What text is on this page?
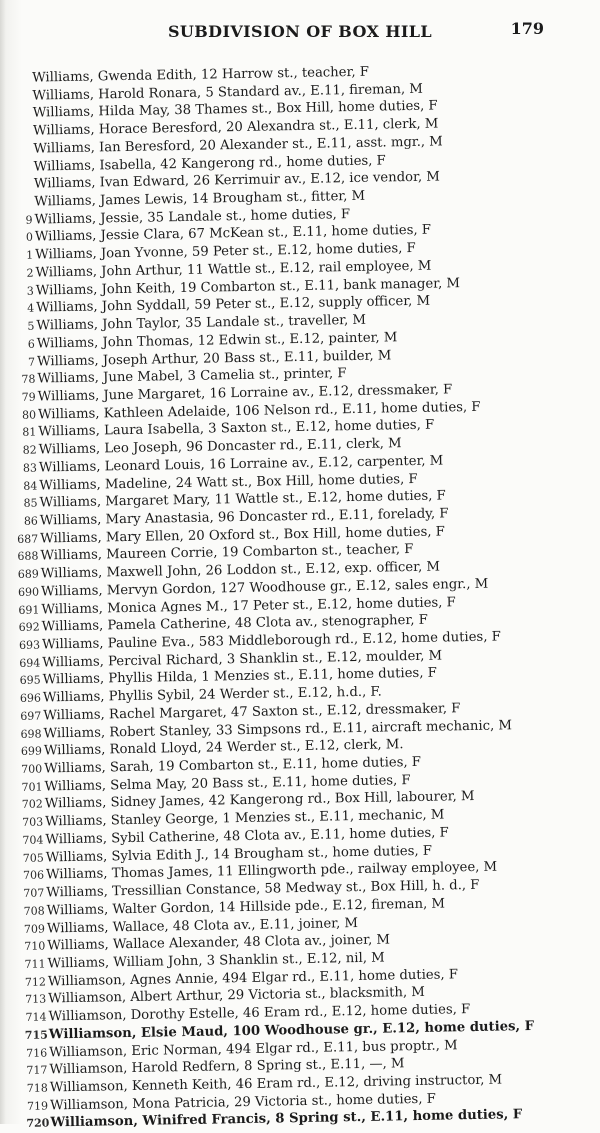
SUBDIVISION OF BOX HILL	179
Williams, Gwenda Edith, 12 Harrow st., teacher, F
Williams, Harold Ronara, 5 Standard av., E.11, fireman, M
Williams, Hilda May, 38 Thames st., Box Hill, home duties, F
Williams, Horace Beresford, 20 Alexandra st., E.11, clerk, M
Williams, Ian Beresford, 20 Alexander st., E.11, asst. mgr., M
Williams, Isabella, 42 Kangerong rd., home duties, F
Williams, Ivan Edward, 26 Kerrimuir av., E.12, ice vendor, M
Williams, James Lewis, 14 Brougham st., fitter, M
9 Williams, Jessie, 35 Landale st., home duties, F
0 Williams, Jessie Clara, 67 McKean st., E.11, home duties, F
1 Williams, Joan Yvonne, 59 Peter st., E.12, home duties, F
2 Williams, John Arthur, 11 Wattle st., E.12, rail employee, M
3 Williams, John Keith, 19 Combarton st., E.11, bank manager, M
4 Williams, John Syddall, 59 Peter st., E.12, supply officer, M
5 Williams, John Taylor, 35 Landale st., traveller, M
6 Williams, John Thomas, 12 Edwin st., E.12, painter, M
7 Williams, Joseph Arthur, 20 Bass st., E.11, builder, M
78 Williams, June Mabel, 3 Camelia st., printer, F
79 Williams, June Margaret, 16 Lorraine av., E.12, dressmaker, F
80 Williams, Kathleen Adelaide, 106 Nelson rd., E.11, home duties, F
81 Williams, Laura Isabella, 3 Saxton st., E.12, home duties, F
82 Williams, Leo Joseph, 96 Doncaster rd., E.11, clerk, M
83 Williams, Leonard Louis, 16 Lorraine av., E.12, carpenter, M
84 Williams, Madeline, 24 Watt st., Box Hill, home duties, F
85 Williams, Margaret Mary, 11 Wattle st., E.12, home duties, F
86 Williams, Mary Anastasia, 96 Doncaster rd., E.11, forelady, F
687 Williams, Mary Ellen, 20 Oxford st., Box Hill, home duties, F
688 Williams, Maureen Corrie, 19 Combarton st., teacher, F
689 Williams, Maxwell John, 26 Loddon st., E.12, exp. officer, M
690 Williams, Mervyn Gordon, 127 Woodhouse gr., E.12, sales engr., M
691 Williams, Monica Agnes M., 17 Peter st., E.12, home duties, F
692 Williams, Pamela Catherine, 48 Clota av., stenographer, F
693 Williams, Pauline Eva., 583 Middleborough rd., E.12, home duties, F
694 Williams, Percival Richard, 3 Shanklin st., E.12, moulder, M
695 Williams, Phyllis Hilda, 1 Menzies st., E.11, home duties, F
696 Williams, Phyllis Sybil, 24 Werder st., E.12, h.d., F.
697 Williams, Rachel Margaret, 47 Saxton st., E.12, dressmaker, F
698 Williams, Robert Stanley, 33 Simpsons rd., E.11, aircraft mechanic, M
699 Williams, Ronald Lloyd, 24 Werder st., E.12, clerk, M.
700 Williams, Sarah, 19 Combarton st., E.11, home duties, F
701 Williams, Selma May, 20 Bass st., E.11, home duties, F
702 Williams, Sidney James, 42 Kangerong rd., Box Hill, labourer, M
703 Williams, Stanley George, 1 Menzies st., E.11, mechanic, M
704 Williams, Sybil Catherine, 48 Clota av., E.11, home duties, F
705 Williams, Sylvia Edith J., 14 Brougham st., home duties, F
706 Williams, Thomas James, 11 Ellingworth pde., railway employee, M
707 Williams, Tressillian Constance, 58 Medway st., Box Hill, h. d., F
708 Williams, Walter Gordon, 14 Hillside pde., E.12, fireman, M
709 Williams, Wallace, 48 Clota av., E.11, joiner, M
710 Williams, Wallace Alexander, 48 Clota av., joiner, M
711 Williams, William John, 3 Shanklin st., E.12, nil, M
712 Williamson, Agnes Annie, 494 Elgar rd., E.11, home duties, F
713 Williamson, Albert Arthur, 29 Victoria st., blacksmith, M
714 Williamson, Dorothy Estelle, 46 Eram rd., E.12, home duties, F
715Williamson, Elsie Maud, 100 Woodhouse gr., E.12, home duties, F
716 Williamson, Eric Norman, 494 Elgar rd., E.11, bus proptr., M
717 Williamson, Harold Redfern, 8 Spring st., E.11, —, M
718 Williamson, Kenneth Keith, 46 Eram rd., E.12, driving instructor, M
719 Williamson, Mona Patricia, 29 Victoria st., home duties, F
720Williamson, Winifred Francis, 8 Spring st., E.11, home duties, F
